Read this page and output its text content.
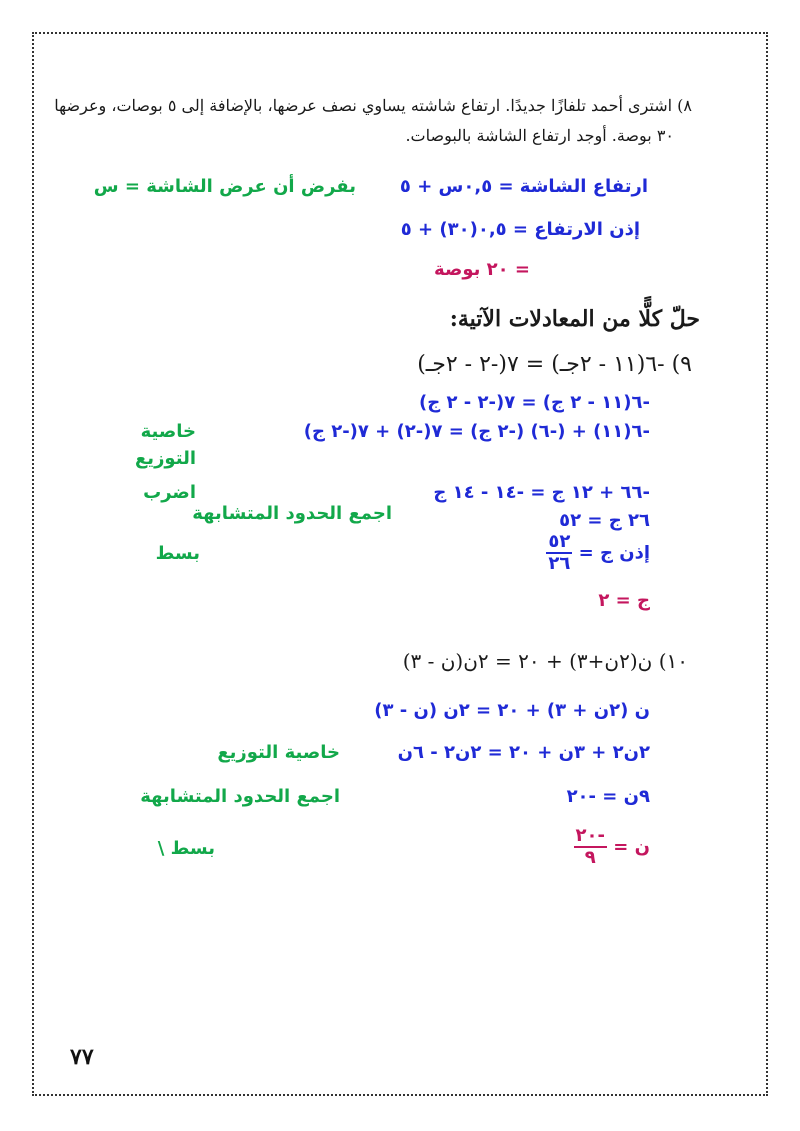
٨) اشترى أحمد تلفازًا جديدًا. ارتفاع شاشته يساوي نصف عرضها، بالإضافة إلى ٥ بوصات، وعرضها
٣٠ بوصة. أوجد ارتفاع الشاشة بالبوصات.
بفرض أن عرض الشاشة = س ارتفاع الشاشة = ٠,٥س + ٥
إذن الارتفاع = ٠,٥(٣٠) + ٥
= ٢٠ بوصة
حلّ كلًّا من المعادلات الآتية:
٩) -٦(١١ - ٢جـ) = ٧(-٢ - ٢جـ)
-٦(١١ - ٢ ج) = ٧(-٢ - ٢ ج)
-٦(١١) + (-٦) (-٢ ج) = ٧(-٢) + ٧(-٢ ج)
خاصية
التوزيع
-٦٦ + ١٢ ج = -١٤ - ١٤ ج
اضرب
اجمع الحدود المتشابهة	٢٦ ج = ٥٢
إذن ج =
$\frac{٥٢}{٢٦}$
بسط
ج = ٢
١٠) ن(٢ن+٣) + ٢٠ = ٢ن(ن - ٣)
ن (٢ن + ٣) + ٢٠ = ٢ن (ن - ٣)
٢ن٢ + ٣ن + ٢٠ = ٢ن٢ - ٦ن
خاصية التوزيع
٩ن = -٢٠
اجمع الحدود المتشابهة
ن =
$\frac{-٢٠}{٩}$
بسط \
٧٧
